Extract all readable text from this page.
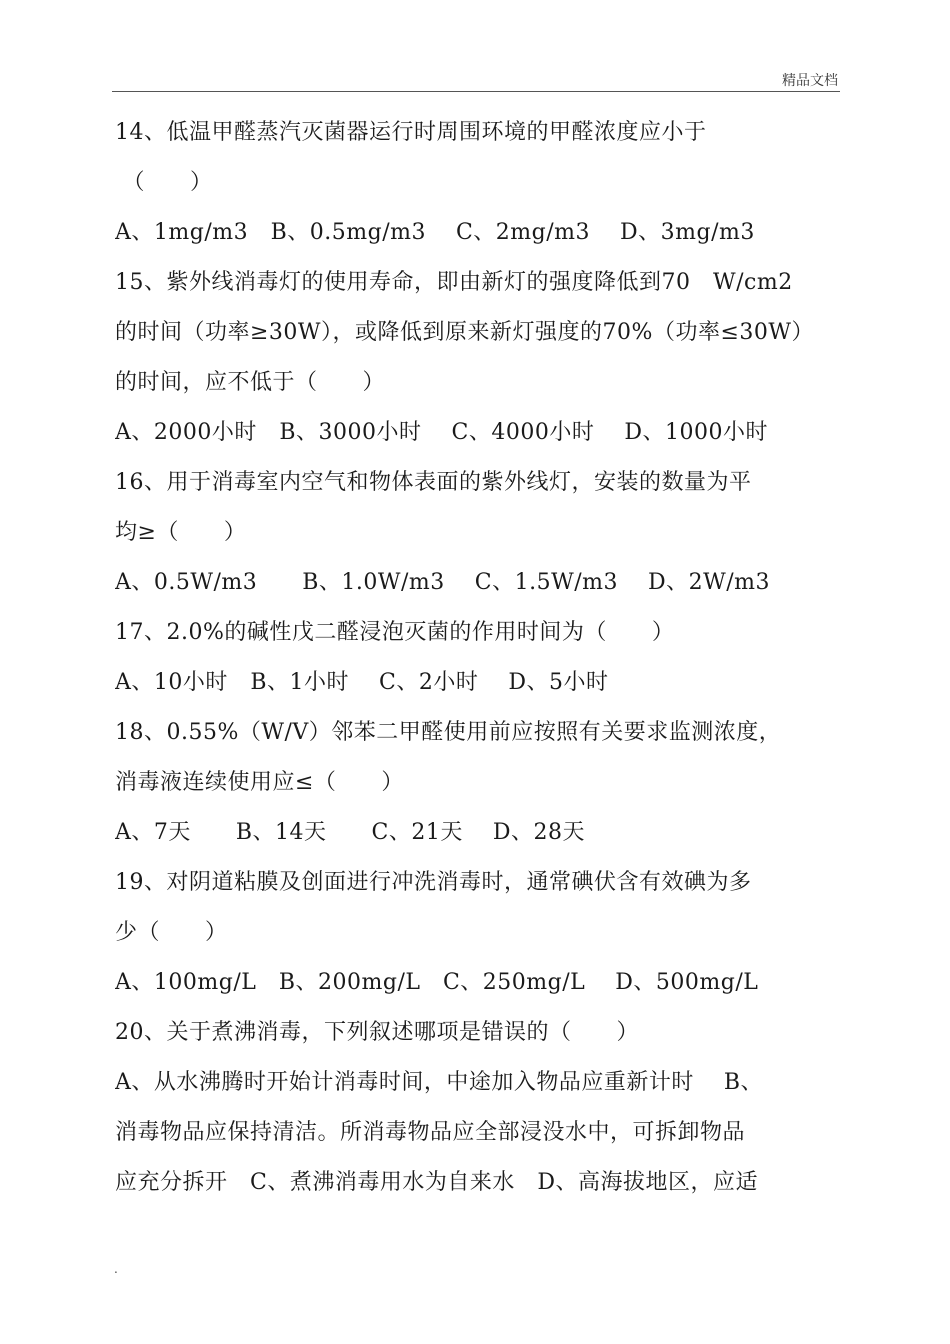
精品文档
14、低温甲醛蒸汽灭菌器运行时周围环境的甲醛浓度应小于
（　　）
A、1mg/m3　B、0.5mg/m3　 C、2mg/m3　 D、3mg/m3
15、紫外线消毒灯的使用寿命，即由新灯的强度降低到70　W/cm2
的时间（功率≥30W），或降低到原来新灯强度的70%（功率≤30W）
的时间，应不低于（　　）
A、2000小时　B、3000小时　 C、4000小时　 D、1000小时
16、用于消毒室内空气和物体表面的紫外线灯，安装的数量为平
均≥（　　）
A、0.5W/m3　　B、1.0W/m3　 C、1.5W/m3　 D、2W/m3
17、2.0%的碱性戊二醛浸泡灭菌的作用时间为（　　）
A、10小时　B、1小时　 C、2小时　 D、5小时
18、0.55%（W/V）邻苯二甲醛使用前应按照有关要求监测浓度，
消毒液连续使用应≤（　　）
A、7天　　B、14天　　C、21天　 D、28天
19、对阴道粘膜及创面进行冲洗消毒时，通常碘伏含有效碘为多
少（　　）
A、100mg/L　B、200mg/L　C、250mg/L　 D、500mg/L
20、关于煮沸消毒，下列叙述哪项是错误的（　　）
A、从水沸腾时开始计消毒时间，中途加入物品应重新计时　 B、
消毒物品应保持清洁。所消毒物品应全部浸没水中，可拆卸物品
应充分拆开　C、煮沸消毒用水为自来水　D、高海拔地区，应适
.
